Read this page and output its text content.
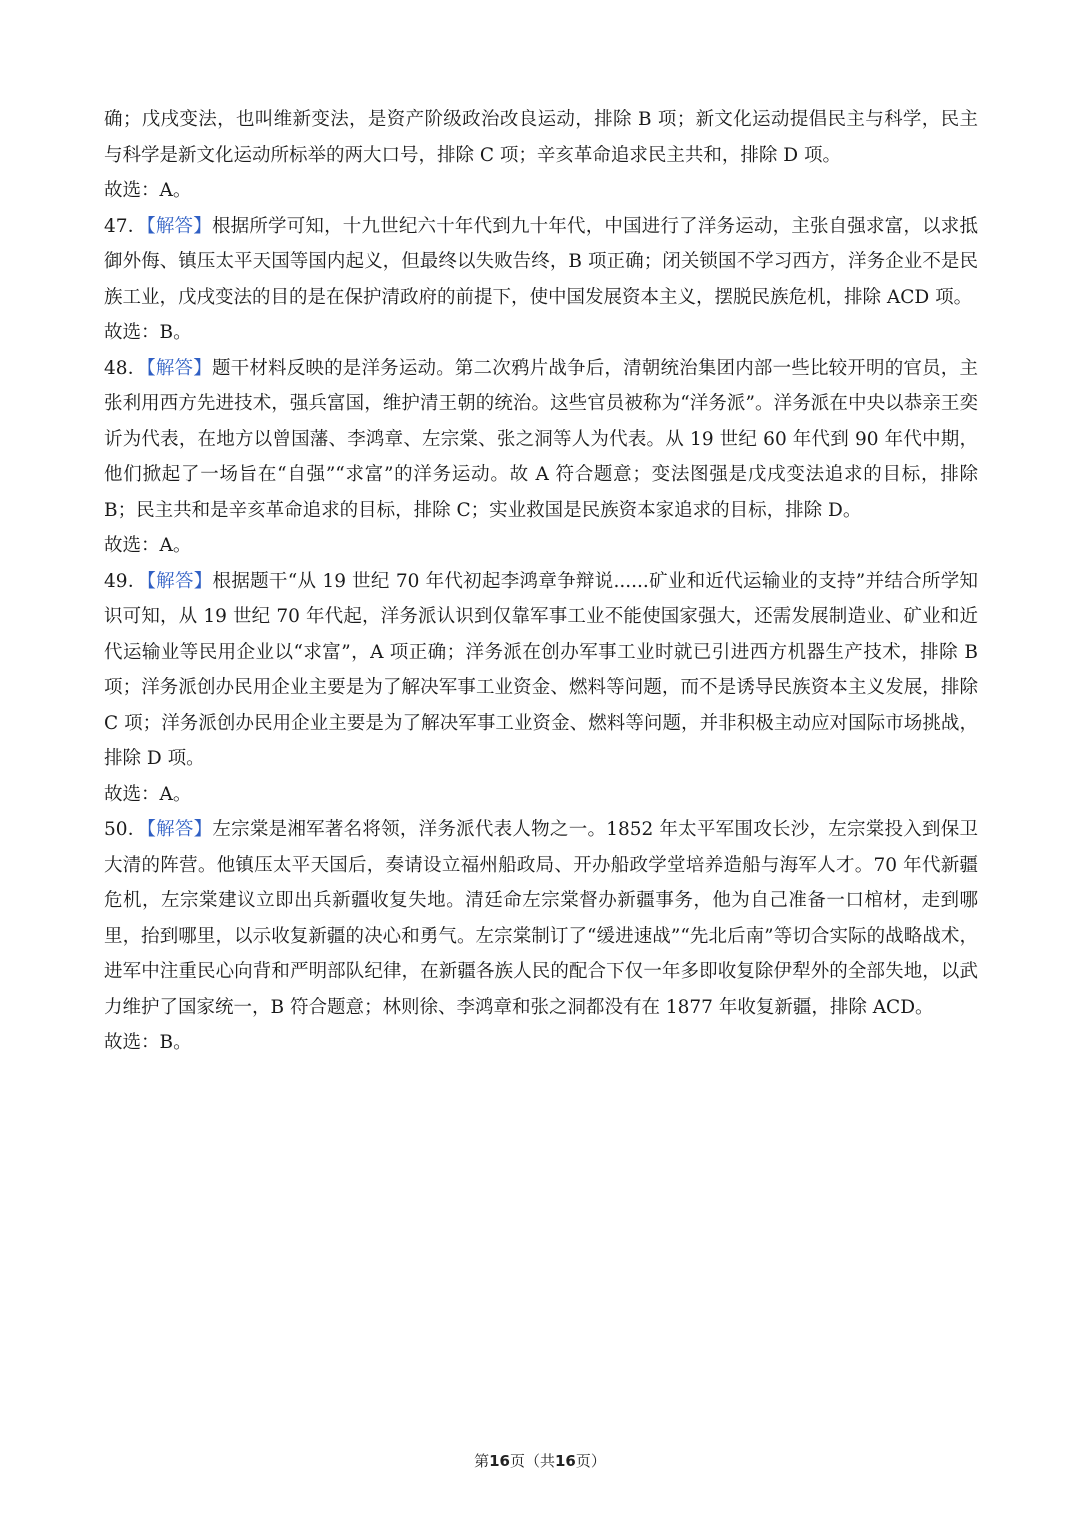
确；戊戌变法，也叫维新变法，是资产阶级政治改良运动，排除 B 项；新文化运动提倡民主与科学，民主与科学是新文化运动所标举的两大口号，排除 C 项；辛亥革命追求民主共和，排除 D 项。

故选：A。

47．【解答】根据所学可知，十九世纪六十年代到九十年代，中国进行了洋务运动，主张自强求富，以求抵御外侮、镇压太平天国等国内起义，但最终以失败告终，B 项正确；闭关锁国不学习西方，洋务企业不是民族工业，戊戌变法的目的是在保护清政府的前提下，使中国发展资本主义，摆脱民族危机，排除 ACD 项。

故选：B。

48．【解答】题干材料反映的是洋务运动。第二次鸦片战争后，清朝统治集团内部一些比较开明的官员，主张利用西方先进技术，强兵富国，维护清王朝的统治。这些官员被称为“洋务派”。洋务派在中央以恭亲王奕䜣为代表，在地方以曾国藩、李鸿章、左宗棠、张之洞等人为代表。从 19 世纪 60 年代到 90 年代中期，他们掀起了一场旨在“自强”“求富”的洋务运动。故 A 符合题意；变法图强是戊戌变法追求的目标，排除 B；民主共和是辛亥革命追求的目标，排除 C；实业救国是民族资本家追求的目标，排除 D。

故选：A。

49．【解答】根据题干“从 19 世纪 70 年代初起李鸿章争辩说......矿业和近代运输业的支持”并结合所学知识可知，从 19 世纪 70 年代起，洋务派认识到仅靠军事工业不能使国家强大，还需发展制造业、矿业和近代运输业等民用企业以“求富”，A 项正确；洋务派在创办军事工业时就已引进西方机器生产技术，排除 B 项；洋务派创办民用企业主要是为了解决军事工业资金、燃料等问题，而不是诱导民族资本主义发展，排除 C 项；洋务派创办民用企业主要是为了解决军事工业资金、燃料等问题，并非积极主动应对国际市场挑战，排除 D 项。

故选：A。

50．【解答】左宗棠是湘军著名将领，洋务派代表人物之一。1852 年太平军围攻长沙，左宗棠投入到保卫大清的阵营。他镇压太平天国后，奏请设立福州船政局、开办船政学堂培养造船与海军人才。70 年代新疆危机，左宗棠建议立即出兵新疆收复失地。清廷命左宗棠督办新疆事务，他为自己准备一口棺材，走到哪里，抬到哪里，以示收复新疆的决心和勇气。左宗棠制订了“缓进速战”“先北后南”等切合实际的战略战术，进军中注重民心向背和严明部队纪律，在新疆各族人民的配合下仅一年多即收复除伊犁外的全部失地，以武力维护了国家统一，B 符合题意；林则徐、李鸿章和张之洞都没有在 1877 年收复新疆，排除 ACD。

故选：B。

第16页（共16页）
